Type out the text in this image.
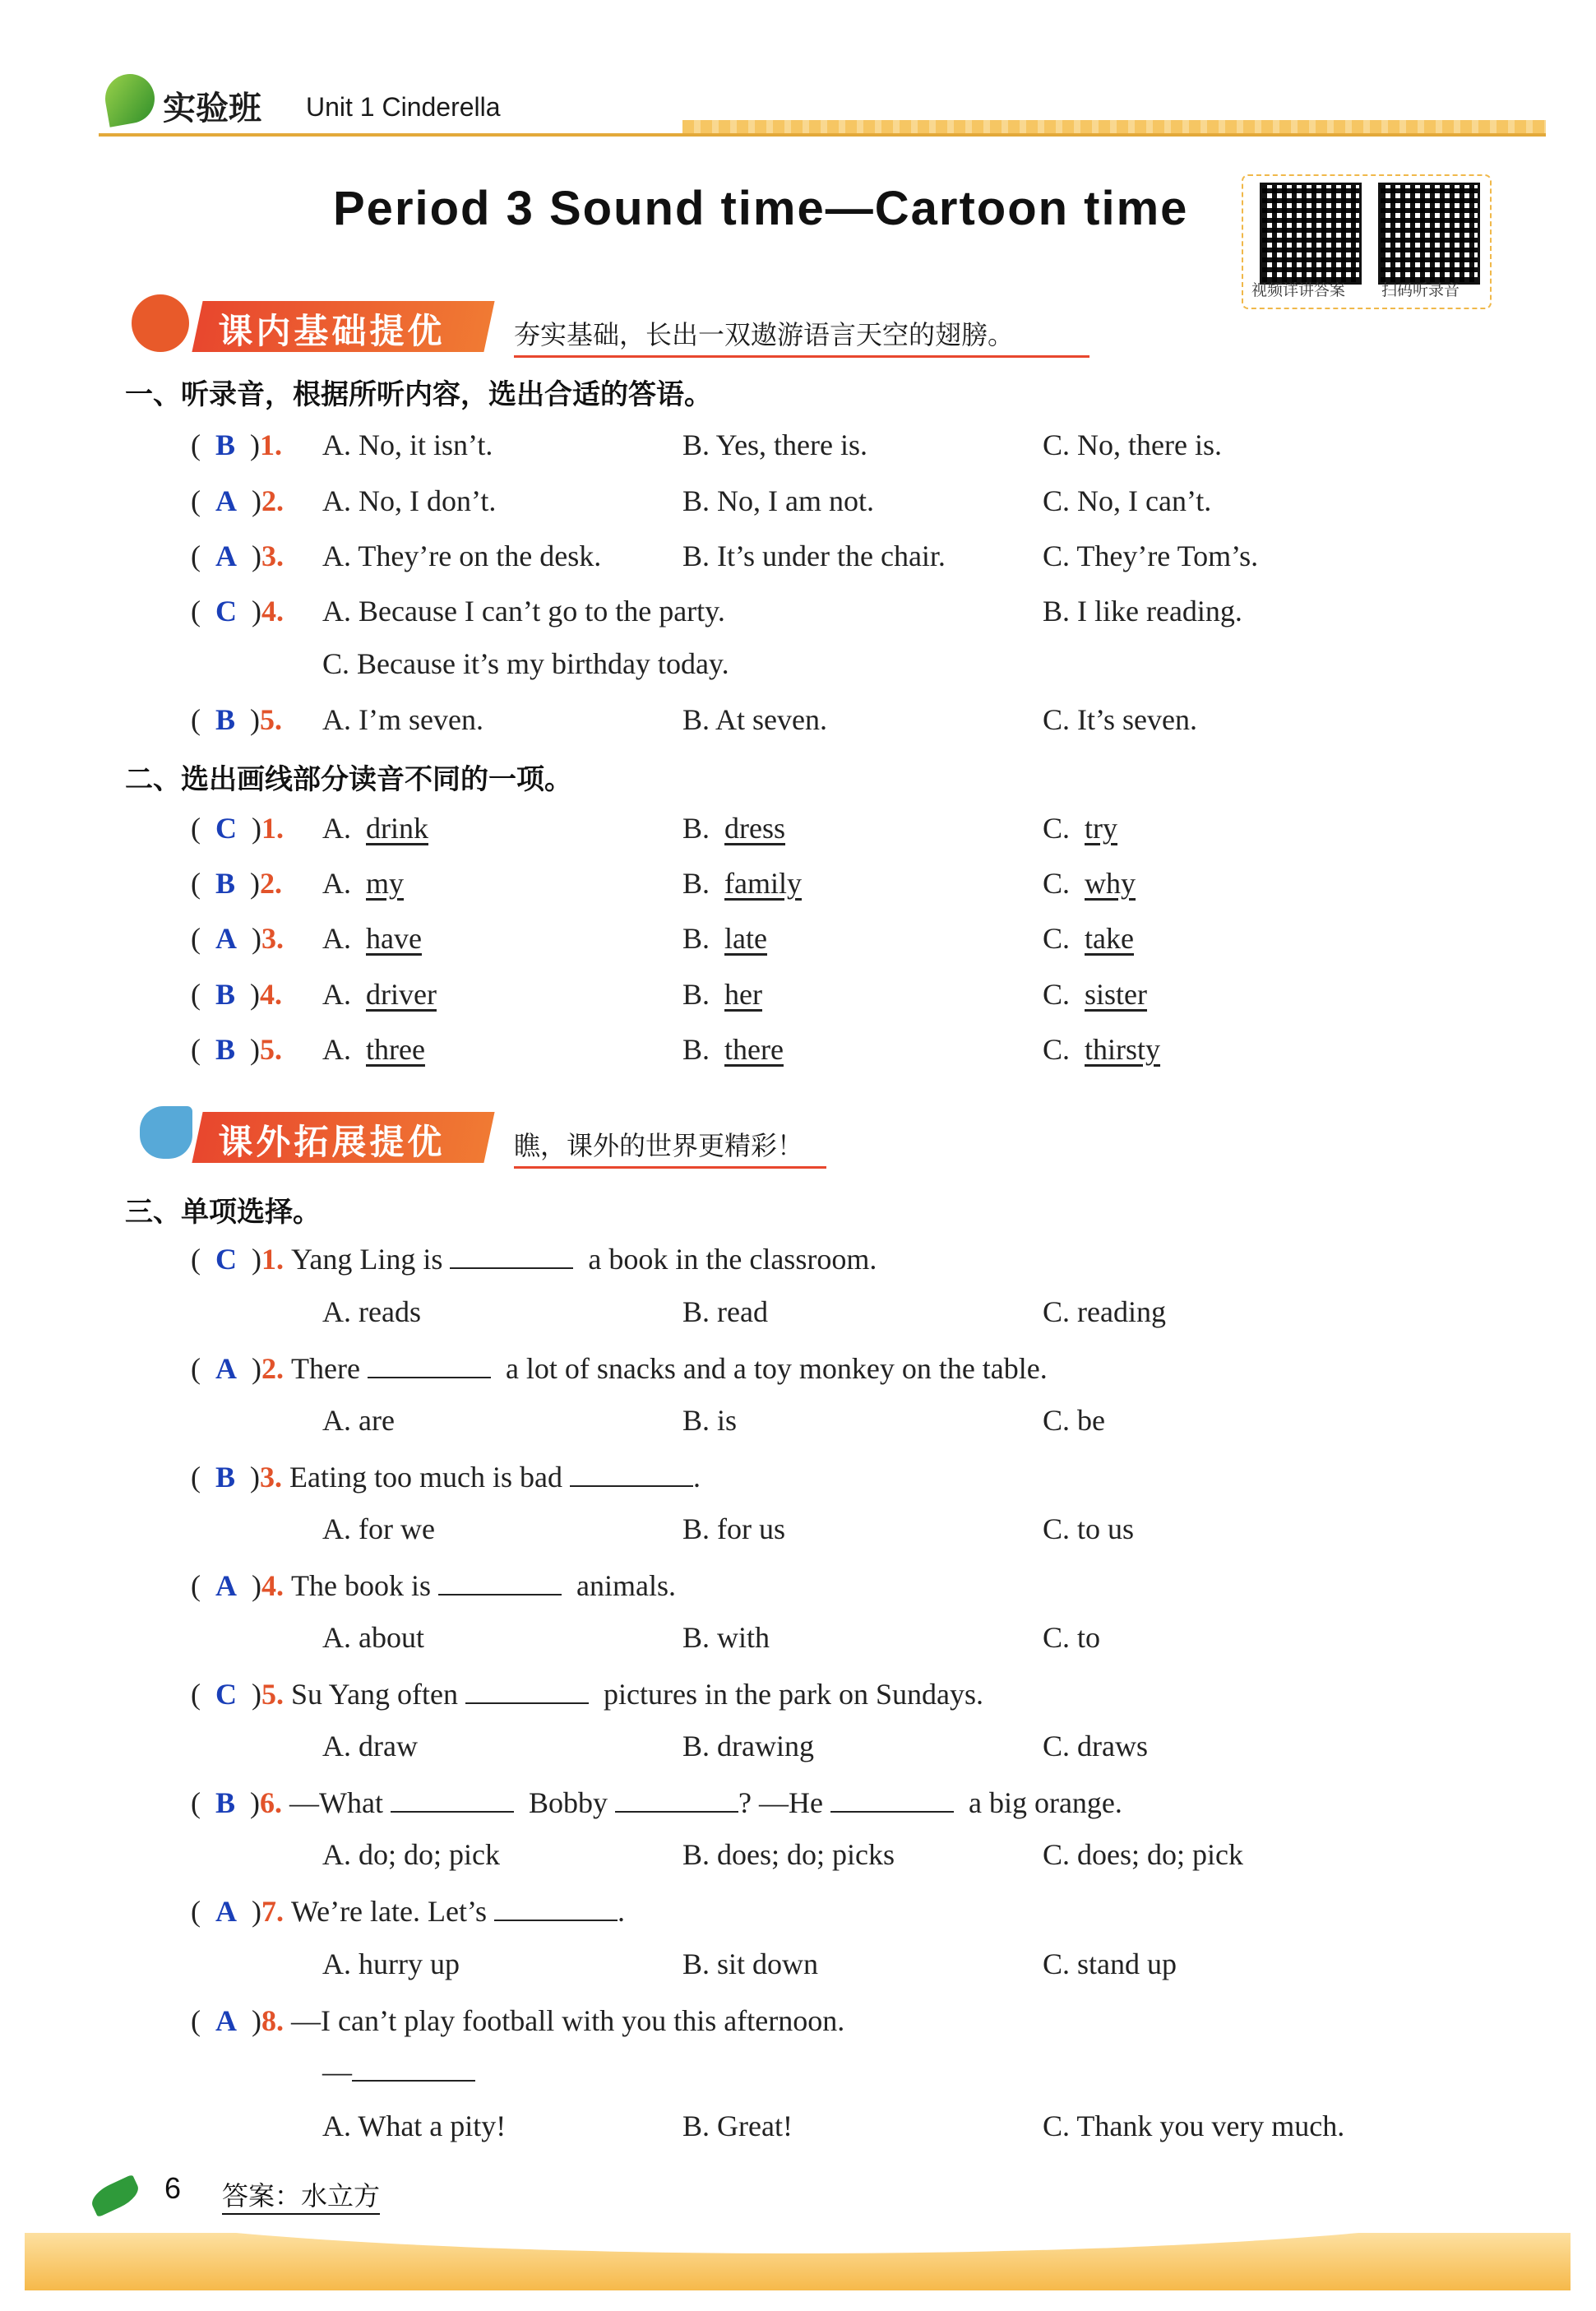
实验班 Unit 1 Cinderella
Period 3 Sound time—Cartoon time
视频详讲答案 扫码听录音
课内基础提优	夯实基础，长出一双遨游语言天空的翅膀。
一、听录音，根据所听内容，选出合适的答语。
(  B  )1. A. No, it isn’t.	B. Yes, there is.	C. No, there is.
(  A  )2. A. No, I don’t.	B. No, I am not.	C. No, I can’t.
(  A  )3. A. They’re on the desk.	B. It’s under the chair.	C. They’re Tom’s.
(  C  )4. A. Because I can’t go to the party.	B. I like reading.
C. Because it’s my birthday today.
(  B  )5. A. I’m seven.	B. At seven.	C. It’s seven.
二、选出画线部分读音不同的一项。
(  C  )1. A.  drink	B.  dress	C.  try
(  B  )2. A.  my	B.  family	C.  why
(  A  )3. A.  have	B.  late	C.  take
(  B  )4. A.  driver	B.  her	C.  sister
(  B  )5. A.  three	B.  there	C.  thirsty
课外拓展提优	瞧，课外的世界更精彩！
三、单项选择。
(  C  )1. Yang Ling is	a book in the classroom.
A. reads	B. read	C. reading
(  A  )2. There	a lot of snacks and a toy monkey on the table.
A. are	B. is	C. be
(  B  )3. Eating too much is bad	.
A. for we	B. for us	C. to us
(  A  )4. The book is	animals.
A. about	B. with	C. to
(  C  )5. Su Yang often	pictures in the park on Sundays.
A. draw	B. drawing	C. draws
(  B  )6. —What	Bobby	? —He	a big orange.
A. do; do; pick	B. does; do; picks	C. does; do; pick
(  A  )7. We’re late. Let’s	.
A. hurry up	B. sit down	C. stand up
(  A  )8. —I can’t play football with you this afternoon.
—
A. What a pity!	B. Great!	C. Thank you very much.
6 答案：水立方
